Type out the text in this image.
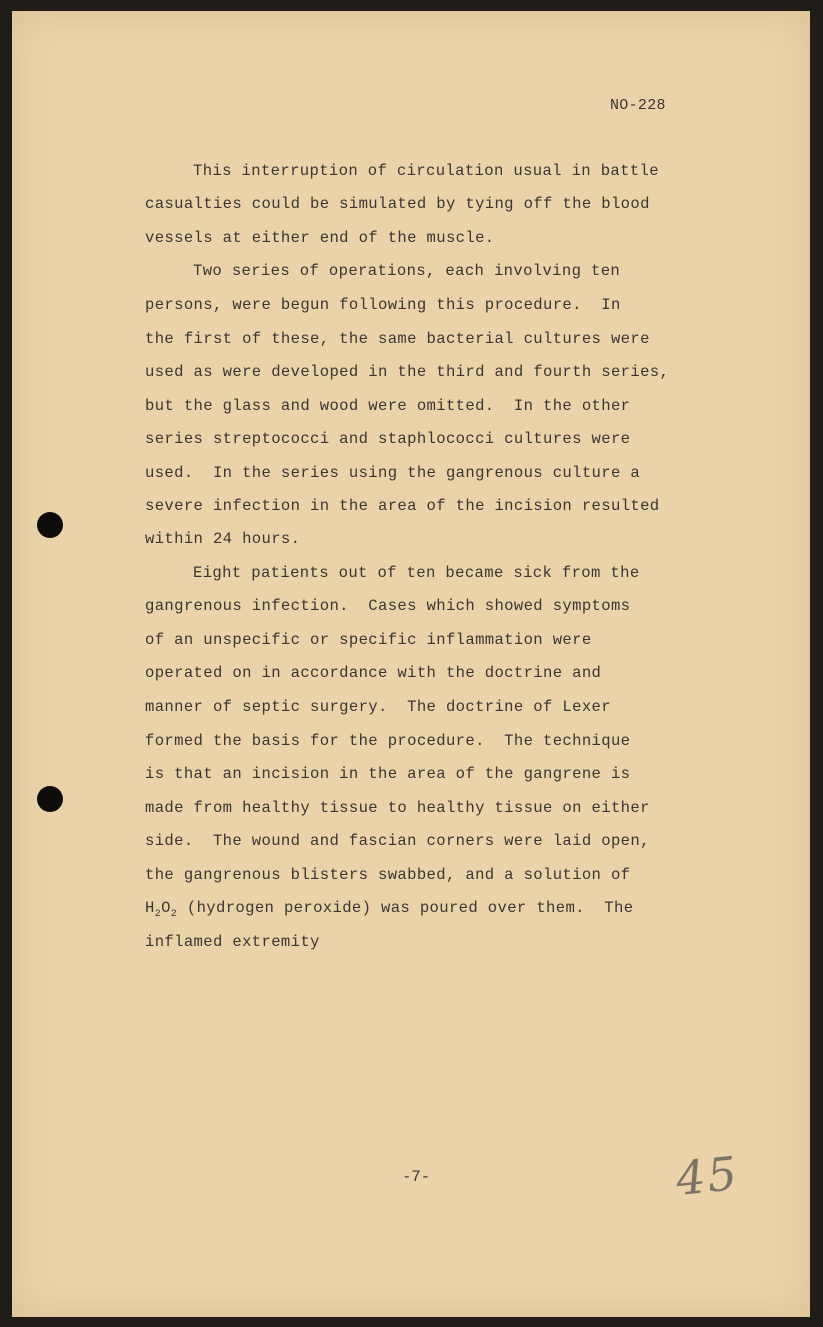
NO-228
This interruption of circulation usual in battle
casualties could be simulated by tying off the blood
vessels at either end of the muscle.
Two series of operations, each involving ten
persons, were begun following this procedure.  In
the first of these, the same bacterial cultures were
used as were developed in the third and fourth series,
but the glass and wood were omitted.  In the other
series streptococci and staphlococci cultures were
used.  In the series using the gangrenous culture a
severe infection in the area of the incision resulted
within 24 hours.
Eight patients out of ten became sick from the
gangrenous infection.  Cases which showed symptoms
of an unspecific or specific inflammation were
operated on in accordance with the doctrine and
manner of septic surgery.  The doctrine of Lexer
formed the basis for the procedure.  The technique
is that an incision in the area of the gangrene is
made from healthy tissue to healthy tissue on either
side.  The wound and fascian corners were laid open,
the gangrenous blisters swabbed, and a solution of
$H_2O_2$ (hydrogen peroxide) was poured over them.  The
inflamed extremity
-7-	45
